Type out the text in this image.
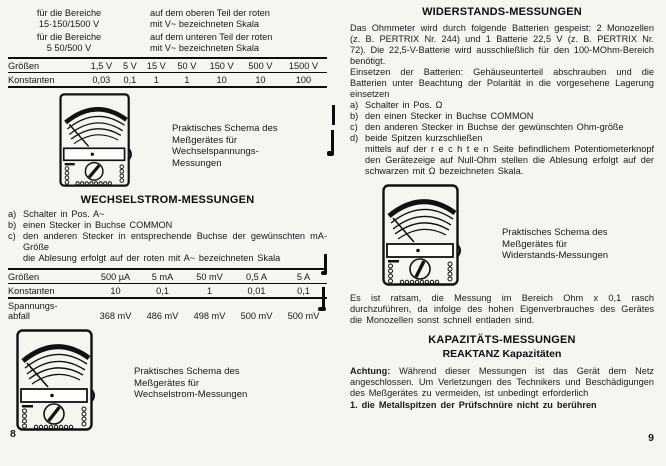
für die Bereiche
15·150/1500 V
auf dem oberen Teil der roten
mit V~ bezeichneten Skala
für die Bereiche
5 50/500 V
auf dem unteren Teil der roten
mit V~ bezeichneten Skala
Größen	1,5 V	5 V	15 V	50 V	150 V	500 V	1500 V
Konstanten	0,03	0,1	1	1	10	10	100
Praktisches Schema des
Meßgerätes für
Wechselspannungs-
Messungen
WECHSELSTROM-MESSUNGEN
a) Schalter in Pos. A~
b) einen Stecker in Buchse COMMON
c) den anderen Stecker in entsprechende Buchse der gewünschten mA-Größe
die Ablesung erfolgt auf der roten mit A~ bezeichneten Skala
Größen	500 µA	5 mA	50 mV	0,5 A	5 A
Konstanten	10	0,1	1	0,01	0,1

Spannungs-
abfall	368 mV	486 mV	498 mV	500 mV	500 mV
Praktisches Schema des
Meßgerätes für
Wechselstrom-Messungen
8
WIDERSTANDS-MESSUNGEN
Das Ohmmeter wird durch folgende Batterien gespeist: 2 Monozellen (z. B. PERTRIX Nr. 244) und 1 Batterie 22,5 V (z. B. PERTRIX Nr. 72). Die 22,5-V-Batterie wird ausschließlich für den 100-MOhm-Bereich benötigt.
Einsetzen der Batterien: Gehäuseunterteil abschrauben und die Batterien unter Beachtung der Polarität in die vorgesehene Lagerung einsetzen
a) Schalter in Pos. Ω
b) den einen Stecker in Buchse COMMON
c) den anderen Stecker in Buchse der gewünschten Ohm-größe
d) beide Spitzen kurzschließen
mittels auf der r e c h t e n Seite befindlichem Potentiometerknopf den Gerätezeige auf Null-Ohm stellen die Ablesung erfolgt auf der schwarzen mit Ω bezeichneten Skala.
Praktisches Schema des
Meßgerätes für
Widerstands-Messungen
Es ist ratsam, die Messung im Bereich Ohm x 0,1 rasch durchzuführen, da infolge des hohen Eigenverbrauches des Gerätes die Monozellen sonst schnell entladen sind.
KAPAZITÄTS-MESSUNGEN
REAKTANZ Kapazitäten
Achtung: Während dieser Messungen ist das Gerät dem Netz angeschlossen. Um Verletzungen des Technikers und Beschädigungen des Meßgerätes zu vermeiden, ist unbedingt erforderlich
1. die Metallspitzen der Prüfschnüre nicht zu berühren
9
